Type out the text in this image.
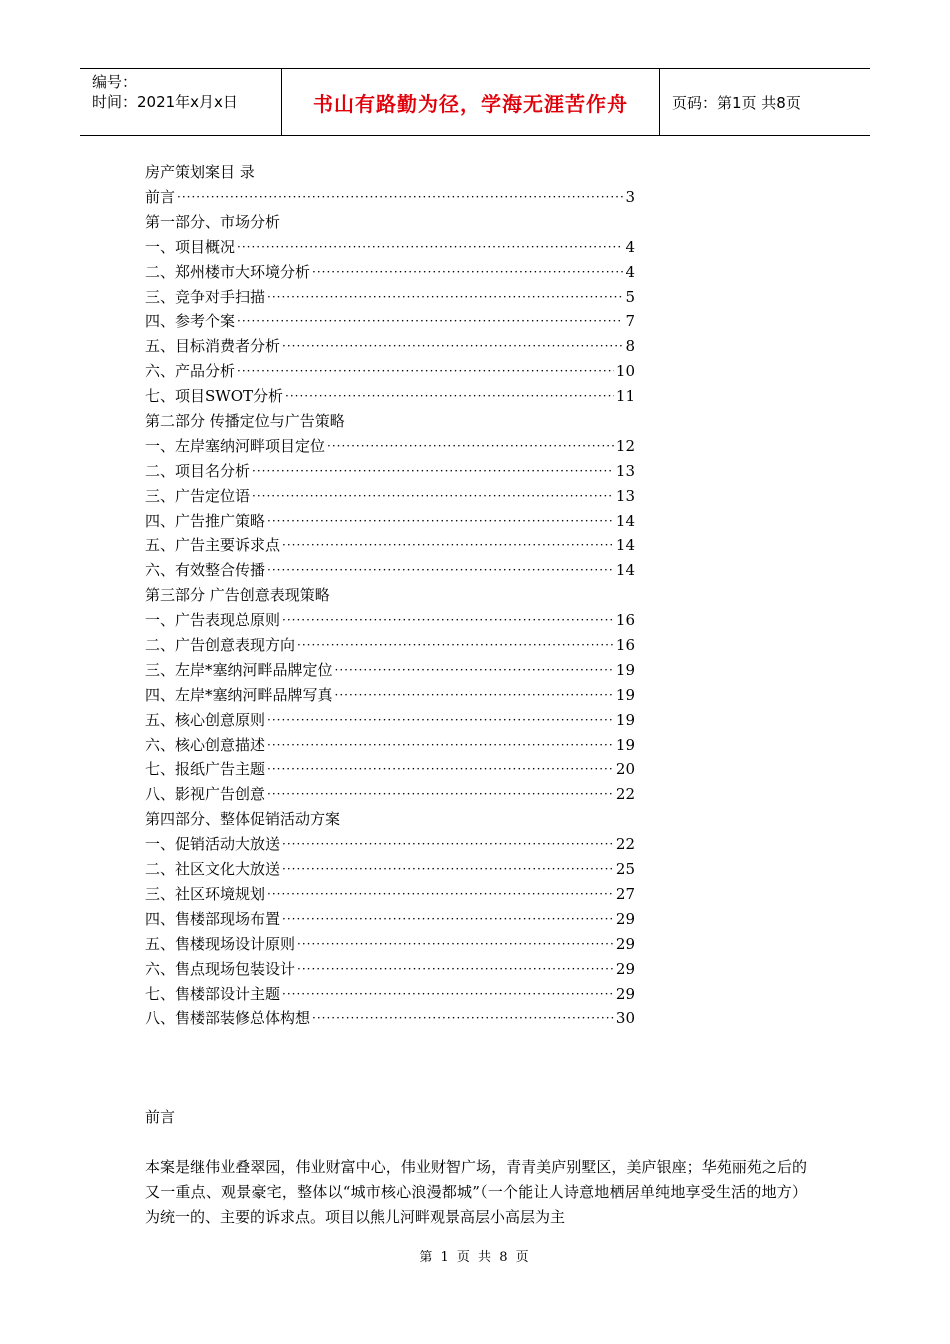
编号：
时间：2021年x月x日	书山有路勤为径，学海无涯苦作舟	页码：第1页 共8页
房产策划案目 录
前言 ·····	3
第一部分、市场分析
一、项目概况 ·····	4
二、郑州楼市大环境分析 ·····	4
三、竞争对手扫描 ·····	5
四、参考个案 ·····	7
五、目标消费者分析 ·····	8
六、产品分析 ·····	10
七、项目SWOT分析 ·····	11
第二部分 传播定位与广告策略
一、左岸塞纳河畔项目定位 ·····	12
二、项目名分析 ·····	13
三、广告定位语 ·····	13
四、广告推广策略 ·····	14
五、广告主要诉求点 ·····	14
六、有效整合传播 ·····	14
第三部分 广告创意表现策略
一、广告表现总原则 ·····	16
二、广告创意表现方向 ·····	16
三、左岸*塞纳河畔品牌定位 ·····	19
四、左岸*塞纳河畔品牌写真 ·····	19
五、核心创意原则 ·····	19
六、核心创意描述 ·····	19
七、报纸广告主题 ·····	20
八、影视广告创意 ·····	22
第四部分、整体促销活动方案
一、促销活动大放送 ·····	22
二、社区文化大放送 ·····	25
三、社区环境规划 ·····	27
四、售楼部现场布置 ·····	29
五、售楼现场设计原则 ·····	29
六、售点现场包装设计 ·····	29
七、售楼部设计主题 ·····	29
八、售楼部装修总体构想 ·····	30
前言
本案是继伟业叠翠园，伟业财富中心，伟业财智广场，青青美庐别墅区，美庐银座；华苑丽苑之后的又一重点、观景豪宅，整体以“城市核心浪漫都城”（一个能让人诗意地栖居单纯地享受生活的地方）为统一的、主要的诉求点。项目以熊儿河畔观景高层小高层为主
第 1 页 共 8 页
